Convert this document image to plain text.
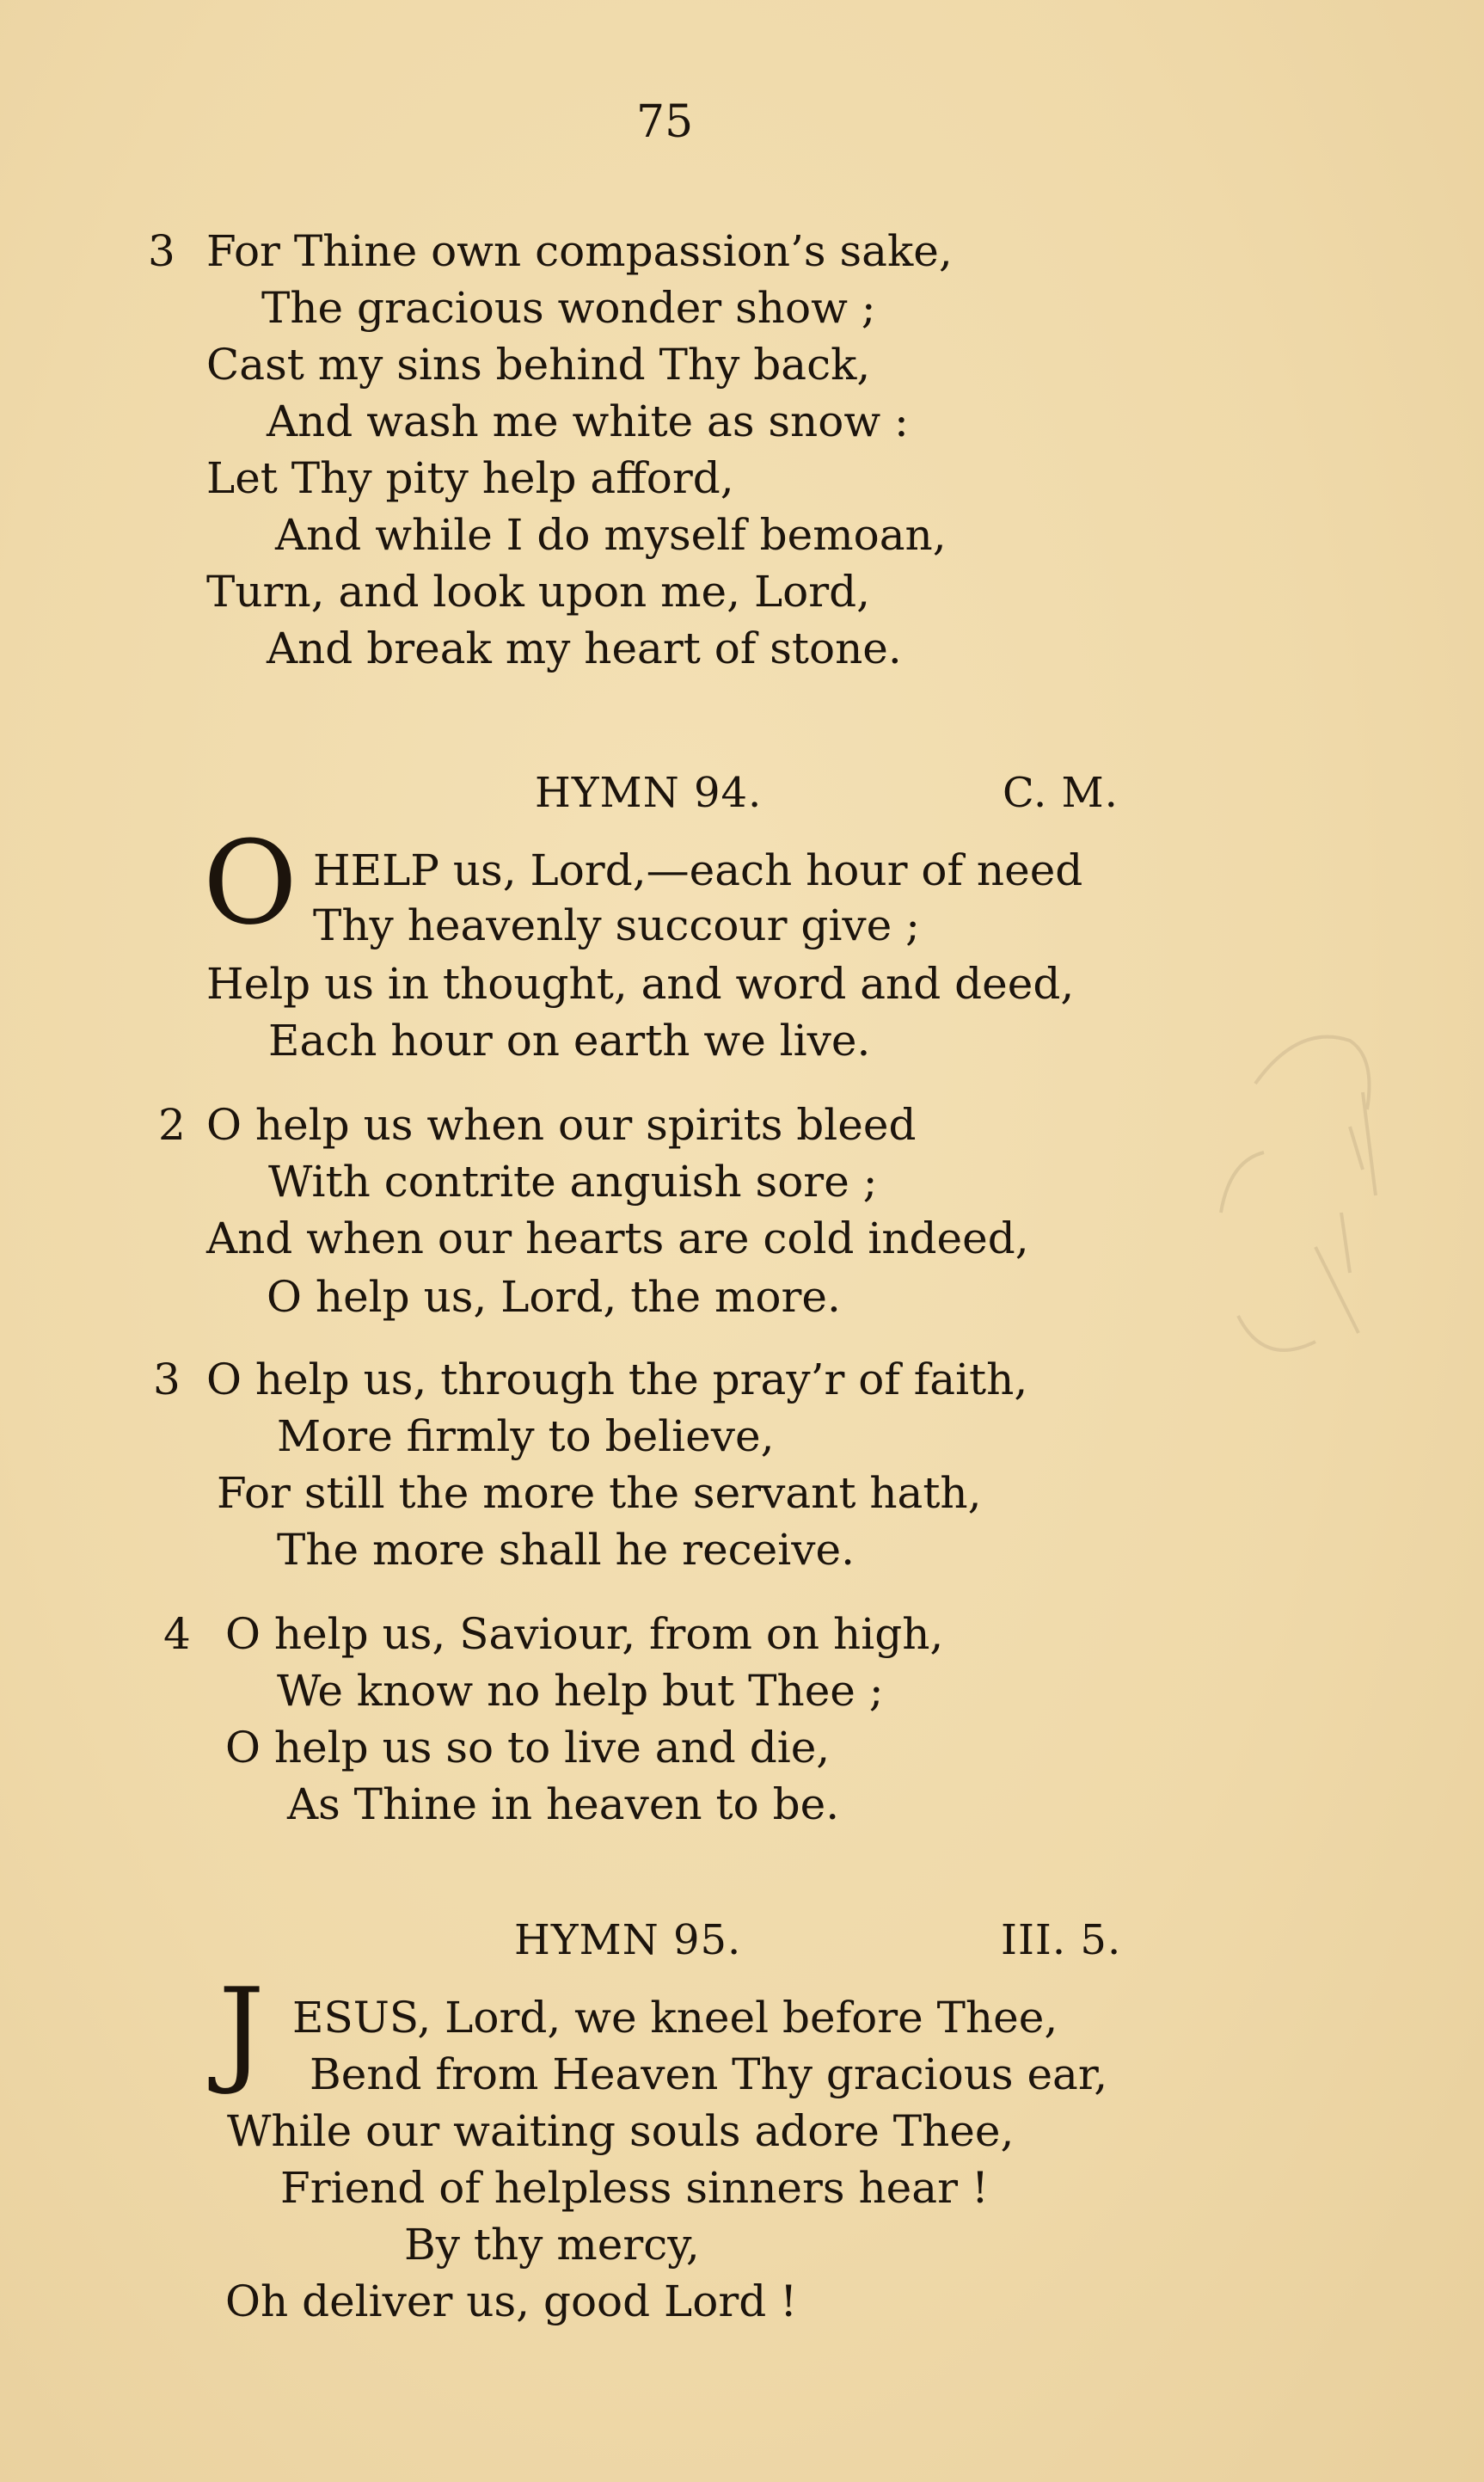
75
3 For Thine own compassion’s sake,
The gracious wonder show ;
Cast my sins behind Thy back,
And wash me white as snow :
Let Thy pity help afford,
And while I do myself bemoan,
Turn, and look upon me, Lord,
And break my heart of stone.
HYMN 94.	C. M.
O HELP us, Lord,—each hour of need
Thy heavenly succour give ;
Help us in thought, and word and deed,
Each hour on earth we live.
2 O help us when our spirits bleed
With contrite anguish sore ;
And when our hearts are cold indeed,
O help us, Lord, the more.
3 O help us, through the pray’r of faith,
More firmly to believe,
For still the more the servant hath,
The more shall he receive.
4 O help us, Saviour, from on high,
We know no help but Thee ;
O help us so to live and die,
As Thine in heaven to be.
HYMN 95.	III. 5.
J ESUS, Lord, we kneel before Thee,
Bend from Heaven Thy gracious ear,
While our waiting souls adore Thee,
Friend of helpless sinners hear !
By thy mercy,
Oh deliver us, good Lord !
